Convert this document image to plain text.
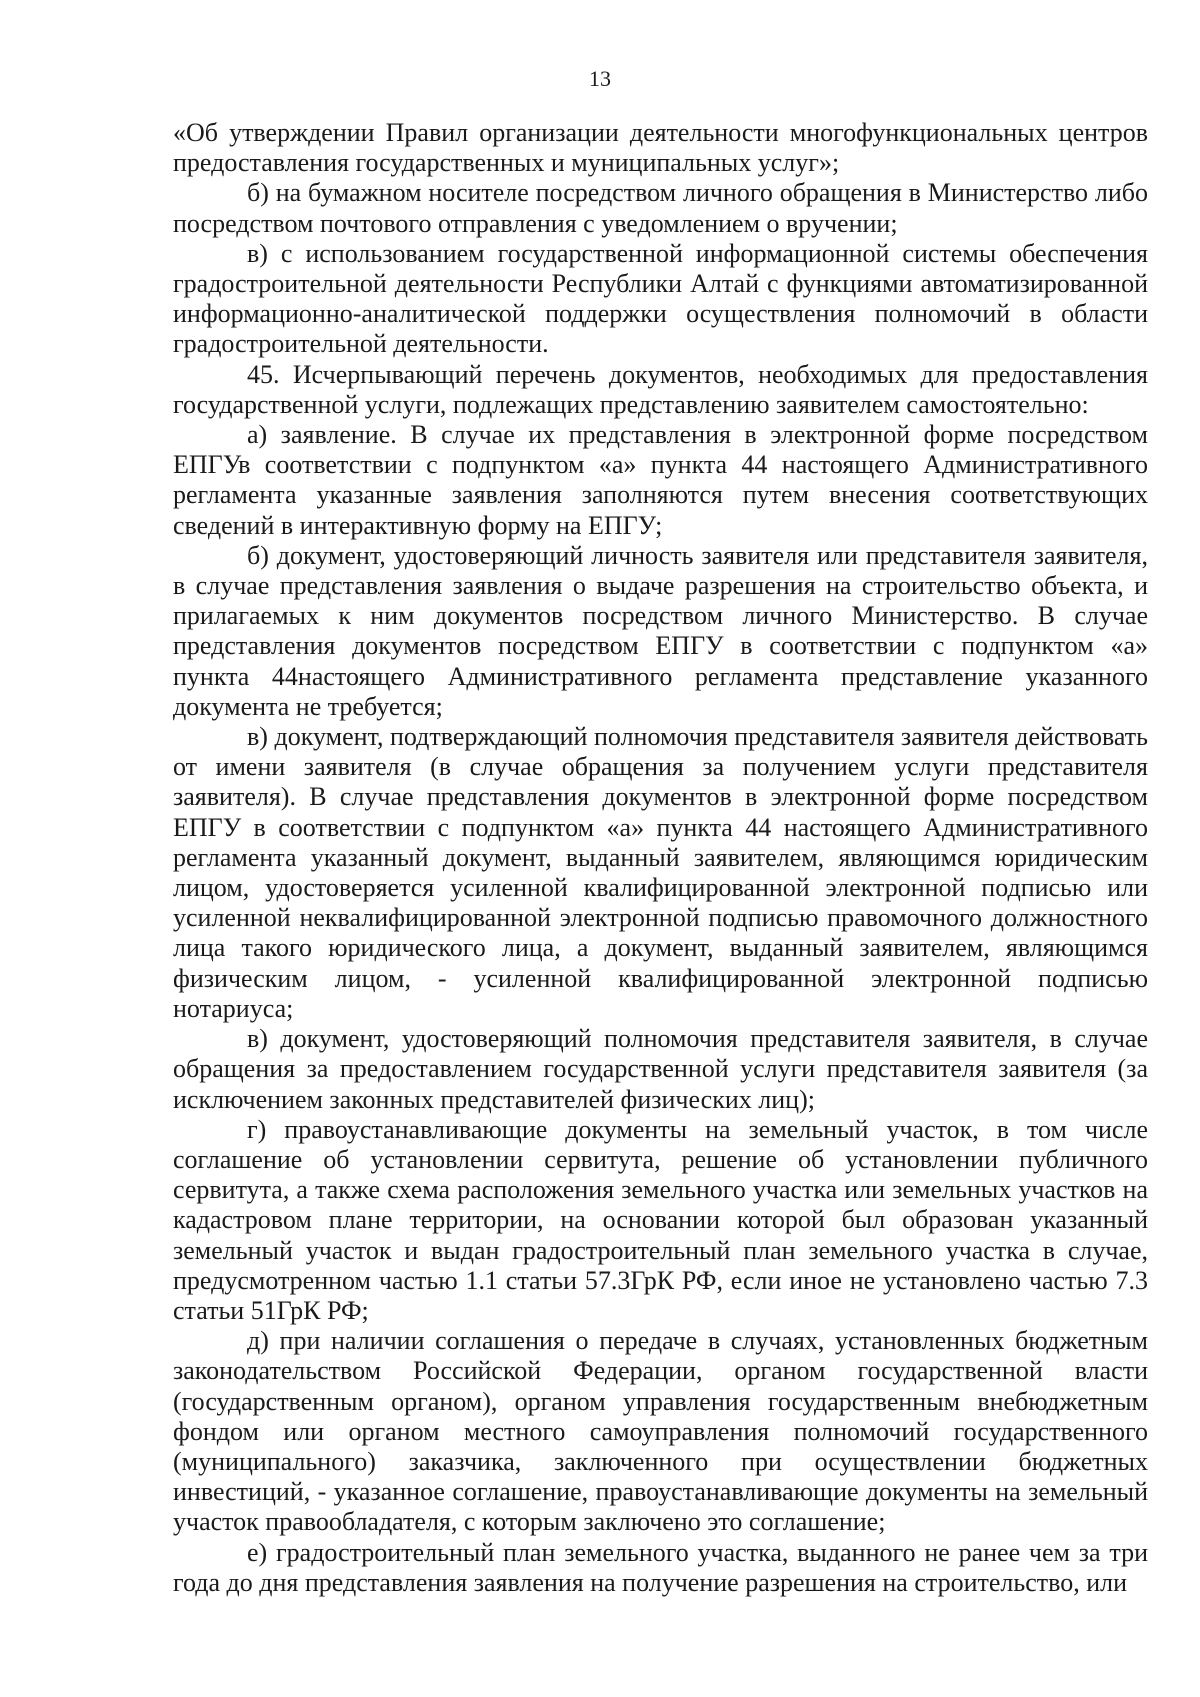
13

«Об утверждении Правил организации деятельности многофункциональных центров предоставления государственных и муниципальных услуг»;

б) на бумажном носителе посредством личного обращения в Министерство либо посредством почтового отправления с уведомлением о вручении;

в) с использованием государственной информационной системы обеспечения градостроительной деятельности Республики Алтай с функциями автоматизированной информационно-аналитической поддержки осуществления полномочий в области градостроительной деятельности.

45. Исчерпывающий перечень документов, необходимых для предоставления государственной услуги, подлежащих представлению заявителем самостоятельно:

а) заявление. В случае их представления в электронной форме посредством ЕПГУв соответствии с подпунктом «а» пункта 44 настоящего Административного регламента указанные заявления заполняются путем внесения соответствующих сведений в интерактивную форму на ЕПГУ;

б) документ, удостоверяющий личность заявителя или представителя заявителя, в случае представления заявления о выдаче разрешения на строительство объекта, и прилагаемых к ним документов посредством личного Министерство. В случае представления документов посредством ЕПГУ в соответствии с подпунктом «а» пункта 44настоящего Административного регламента представление указанного документа не требуется;

в) документ, подтверждающий полномочия представителя заявителя действовать от имени заявителя (в случае обращения за получением услуги представителя заявителя). В случае представления документов в электронной форме посредством ЕПГУ в соответствии с подпунктом «а» пункта 44 настоящего Административного регламента указанный документ, выданный заявителем, являющимся юридическим лицом, удостоверяется усиленной квалифицированной электронной подписью или усиленной неквалифицированной электронной подписью правомочного должностного лица такого юридического лица, а документ, выданный заявителем, являющимся физическим лицом, - усиленной квалифицированной электронной подписью нотариуса;

в) документ, удостоверяющий полномочия представителя заявителя, в случае обращения за предоставлением государственной услуги представителя заявителя (за исключением законных представителей физических лиц);

г) правоустанавливающие документы на земельный участок, в том числе соглашение об установлении сервитута, решение об установлении публичного сервитута, а также схема расположения земельного участка или земельных участков на кадастровом плане территории, на основании которой был образован указанный земельный участок и выдан градостроительный план земельного участка в случае, предусмотренном частью 1.1 статьи 57.3ГрК РФ, если иное не установлено частью 7.3 статьи 51ГрК РФ;

д) при наличии соглашения о передаче в случаях, установленных бюджетным законодательством Российской Федерации, органом государственной власти (государственным органом), органом управления государственным внебюджетным фондом или органом местного самоуправления полномочий государственного (муниципального) заказчика, заключенного при осуществлении бюджетных инвестиций, - указанное соглашение, правоустанавливающие документы на земельный участок правообладателя, с которым заключено это соглашение;

е) градостроительный план земельного участка, выданного не ранее чем за три года до дня представления заявления на получение разрешения на строительство, или
